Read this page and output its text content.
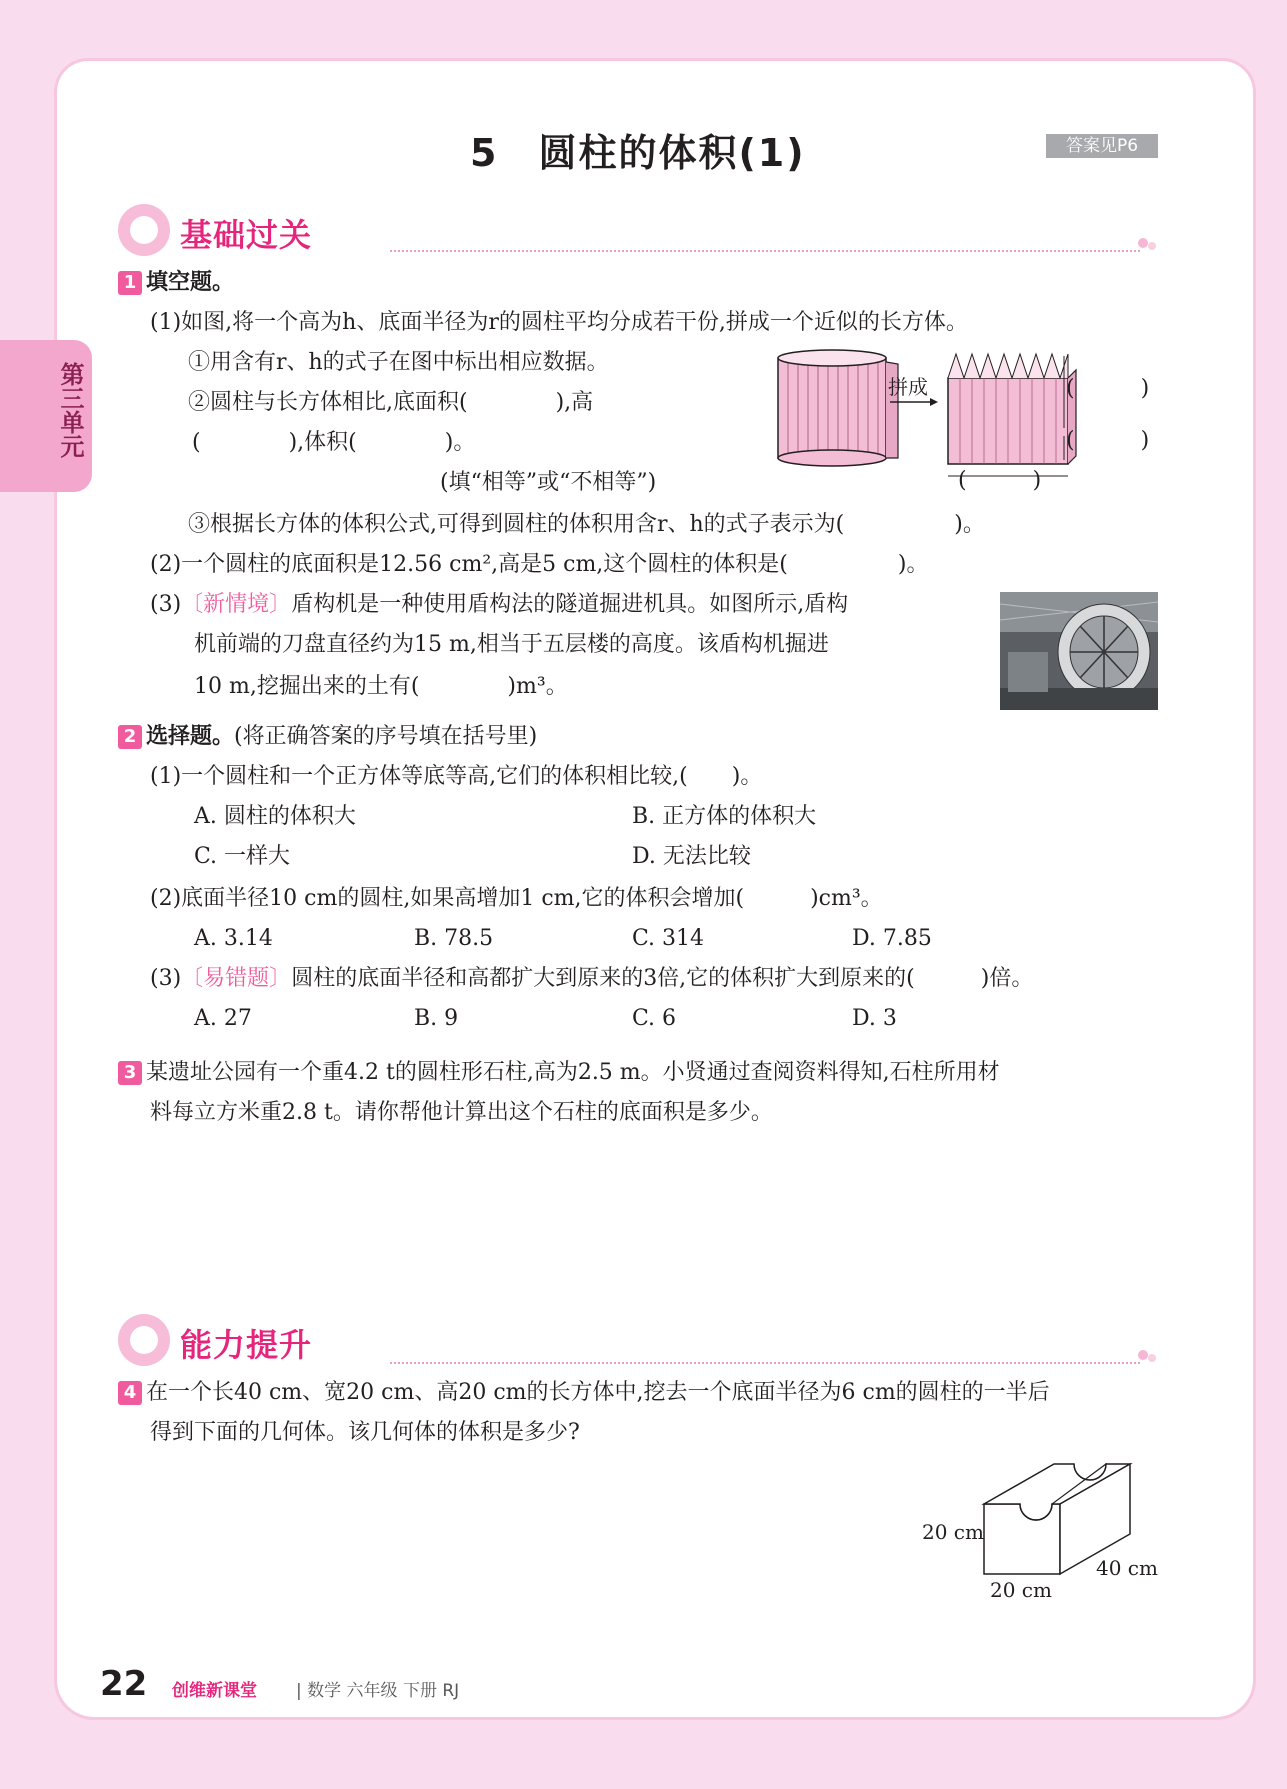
第三单元
5　圆柱的体积(1)	答案见P6
基础过关
1 填空题。
(1)如图,将一个高为h、底面半径为r的圆柱平均分成若干份,拼成一个近似的长方体。
①用含有r、h的式子在图中标出相应数据。
②圆柱与长方体相比,底面积(　　　　),高
(　　　　),体积(　　　　)。
(填“相等”或“不相等”)
③根据长方体的体积公式,可得到圆柱的体积用含r、h的式子表示为(　　　　　)。
(2)一个圆柱的底面积是12.56 cm²,高是5 cm,这个圆柱的体积是(　　　　　)。
(3)〔新情境〕盾构机是一种使用盾构法的隧道掘进机具。如图所示,盾构
机前端的刀盘直径约为15 m,相当于五层楼的高度。该盾构机掘进
10 m,挖掘出来的土有(　　　　)m³。
拼成	(　　　)
(　　　)
(　　　)
2 选择题。(将正确答案的序号填在括号里)
(1)一个圆柱和一个正方体等底等高,它们的体积相比较,(　　)。
A. 圆柱的体积大	B. 正方体的体积大
C. 一样大	D. 无法比较
(2)底面半径10 cm的圆柱,如果高增加1 cm,它的体积会增加(　　　)cm³。
A. 3.14	B. 78.5	C. 314	D. 7.85
(3)〔易错题〕圆柱的底面半径和高都扩大到原来的3倍,它的体积扩大到原来的(　　　)倍。
A. 27	B. 9	C. 6	D. 3
3 某遗址公园有一个重4.2 t的圆柱形石柱,高为2.5 m。小贤通过查阅资料得知,石柱所用材
料每立方米重2.8 t。请你帮他计算出这个石柱的底面积是多少。
能力提升
4 在一个长40 cm、宽20 cm、高20 cm的长方体中,挖去一个底面半径为6 cm的圆柱的一半后
得到下面的几何体。该几何体的体积是多少?
20 cm
20 cm
40 cm
22 创维新课堂 | 数学 六年级 下册 RJ
